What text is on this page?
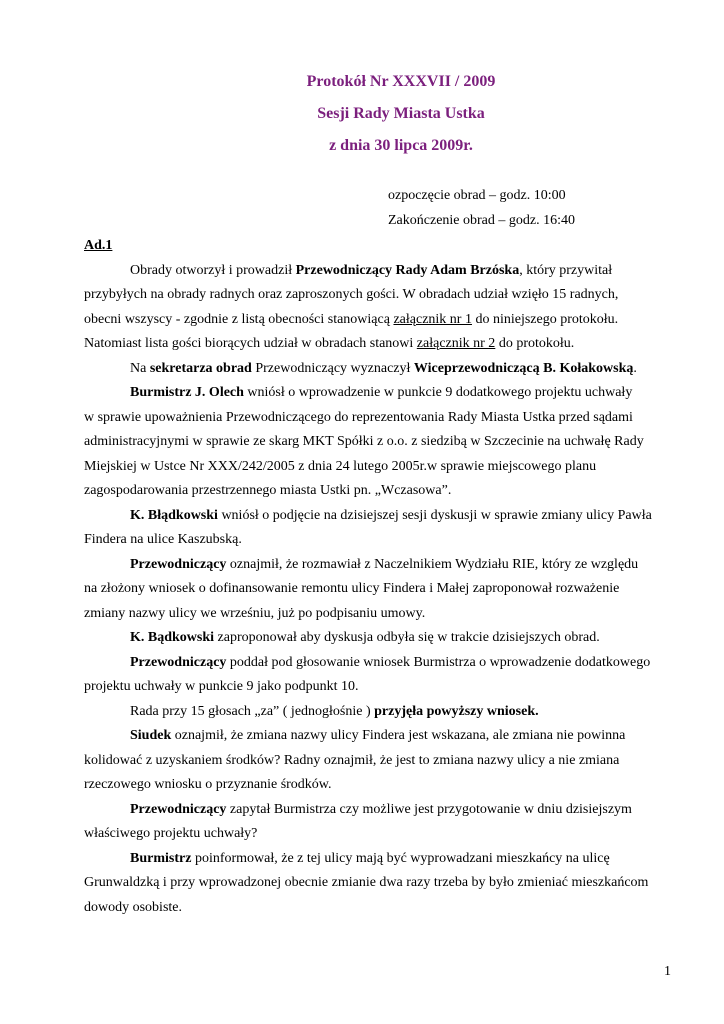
Protokół Nr XXXVII / 2009
Sesji Rady Miasta Ustka
z dnia 30 lipca 2009r.
ozpoczęcie obrad – godz. 10:00
Zakończenie obrad – godz. 16:40
Ad.1
Obrady otworzył i prowadził Przewodniczący Rady Adam Brzóska, który przywitał
przybyłych na obrady radnych oraz zaproszonych gości. W obradach udział wzięło 15 radnych,
obecni wszyscy - zgodnie z listą obecności stanowiącą załącznik nr 1 do niniejszego protokołu.
Natomiast lista gości biorących udział w obradach stanowi załącznik nr 2 do protokołu.
Na sekretarza obrad Przewodniczący wyznaczył Wiceprzewodniczącą B. Kołakowską.
Burmistrz J. Olech wniósł o wprowadzenie w punkcie 9 dodatkowego projektu uchwały
w sprawie upoważnienia Przewodniczącego do reprezentowania Rady Miasta Ustka przed sądami
administracyjnymi w sprawie ze skarg MKT Spółki z o.o. z siedzibą w Szczecinie na uchwałę Rady
Miejskiej w Ustce Nr XXX/242/2005 z dnia 24 lutego 2005r.w sprawie miejscowego planu
zagospodarowania przestrzennego miasta Ustki pn. „Wczasowa”.
K. Błądkowski wniósł o podjęcie na dzisiejszej sesji dyskusji w sprawie zmiany ulicy Pawła
Findera na ulice Kaszubską.
Przewodniczący oznajmił, że rozmawiał z Naczelnikiem Wydziału RIE, który ze względu
na złożony wniosek o dofinansowanie remontu ulicy Findera i Małej zaproponował rozważenie
zmiany nazwy ulicy we wrześniu, już po podpisaniu umowy.
K. Bądkowski zaproponował aby dyskusja odbyła się w trakcie dzisiejszych obrad.
Przewodniczący poddał pod głosowanie wniosek Burmistrza o wprowadzenie dodatkowego
projektu uchwały w punkcie 9 jako podpunkt 10.
Rada przy 15 głosach „za” ( jednogłośnie ) przyjęła powyższy wniosek.
Siudek oznajmił, że zmiana nazwy ulicy Findera jest wskazana, ale zmiana nie powinna
kolidować z uzyskaniem środków? Radny oznajmił, że jest to zmiana nazwy ulicy a nie zmiana
rzeczowego wniosku o przyznanie środków.
Przewodniczący zapytał Burmistrza czy możliwe jest przygotowanie w dniu dzisiejszym
właściwego projektu uchwały?
Burmistrz poinformował, że z tej ulicy mają być wyprowadzani mieszkańcy na ulicę
Grunwaldzką i przy wprowadzonej obecnie zmianie dwa razy trzeba by było zmieniać mieszkańcom
dowody osobiste.
1
